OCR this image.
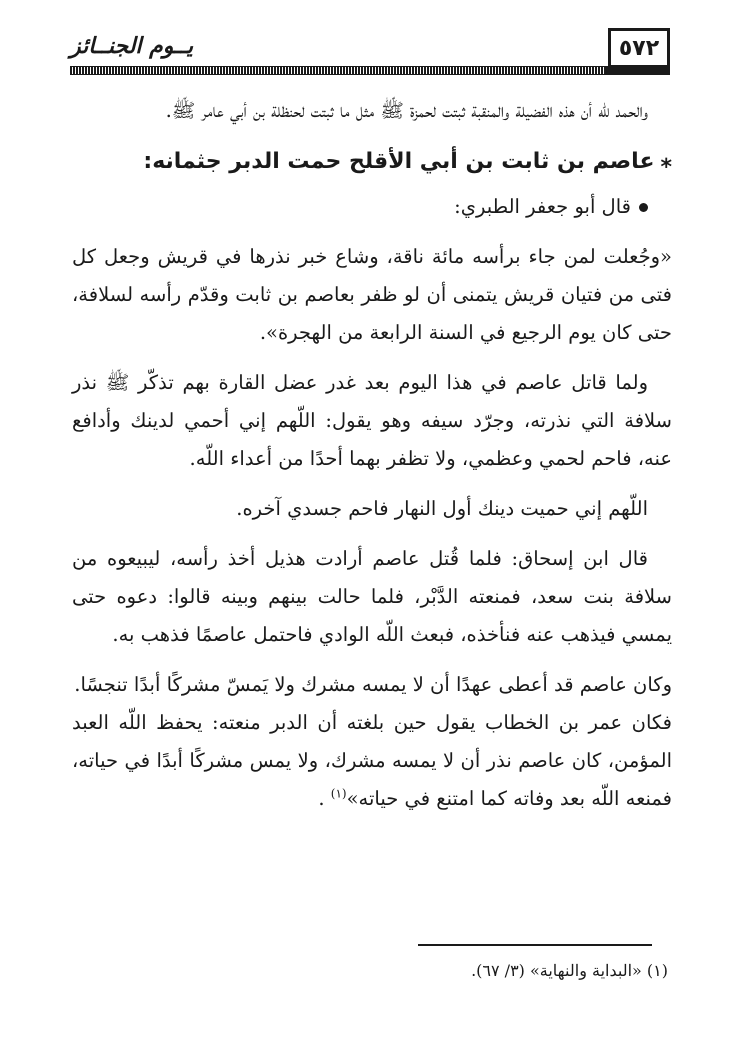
٥٧٢
يــوم الجنــائز

والحمد للّه أن هذه الفضيلة والمنقبة ثبتت لحمزة ﷺ مثل ما ثبتت لحنظلة بن أبي عامر ﷺ.

⁎عاصم بن ثابت بن أبي الأقلح حمت الدبر جثمانه:

قال أبو جعفر الطبري:

«وجُعلت لمن جاء برأسه مائة ناقة، وشاع خبر نذرها في قريش وجعل كل فتى من فتيان قريش يتمنى أن لو ظفر بعاصم بن ثابت وقدّم رأسه لسلافة، حتى كان يوم الرجيع في السنة الرابعة من الهجرة».

ولما قاتل عاصم في هذا اليوم بعد غدر عضل القارة بهم تذكّر ﷺ نذر سلافة التي نذرته، وجرّد سيفه وهو يقول: اللّهم إني أحمي لدينك وأدافع عنه، فاحم لحمي وعظمي، ولا تظفر بهما أحدًا من أعداء اللّه.

اللّهم إني حميت دينك أول النهار فاحم جسدي آخره.

قال ابن إسحاق: فلما قُتل عاصم أرادت هذيل أخذ رأسه، ليبيعوه من سلافة بنت سعد، فمنعته الدَّبْر، فلما حالت بينهم وبينه قالوا: دعوه حتى يمسي فيذهب عنه فنأخذه، فبعث اللّه الوادي فاحتمل عاصمًا فذهب به.

وكان عاصم قد أعطى عهدًا أن لا يمسه مشرك ولا يَمسّ مشركًا أبدًا تنجسًا.

فكان عمر بن الخطاب يقول حين بلغته أن الدبر منعته: يحفظ اللّه العبد المؤمن، كان عاصم نذر أن لا يمسه مشرك، ولا يمس مشركًا أبدًا في حياته، فمنعه اللّه بعد وفاته كما امتنع في حياته»$^{(١)}$ .

(١) «البداية والنهاية» (٣/ ٦٧).
